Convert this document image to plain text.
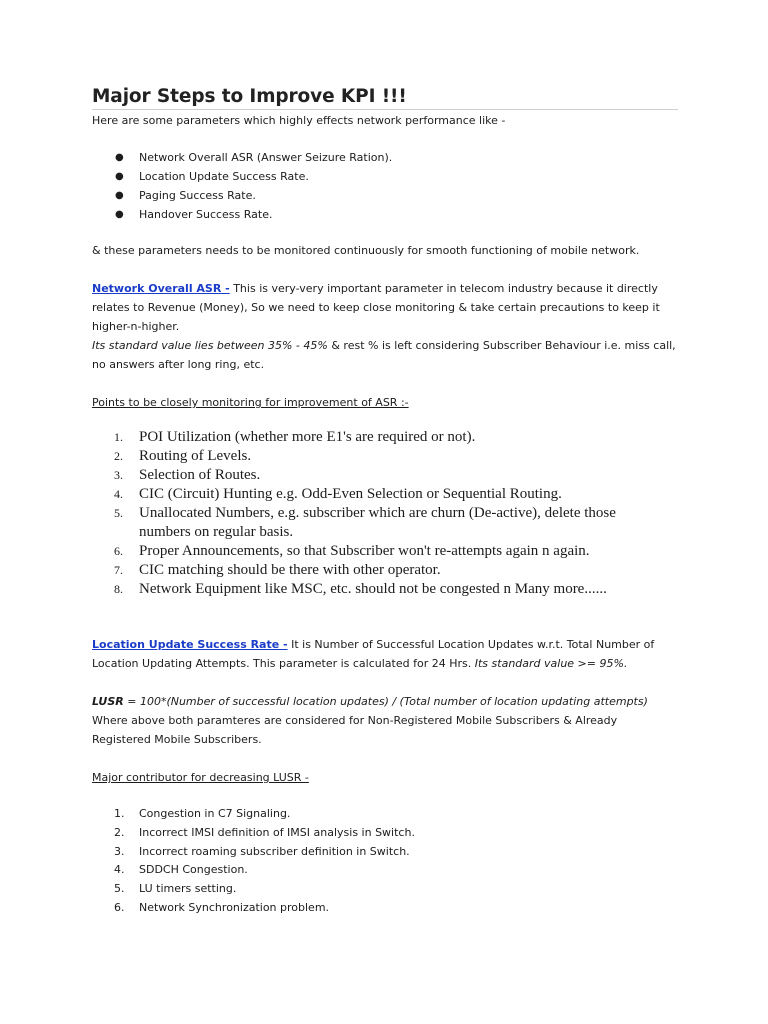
Major Steps to Improve KPI !!!
Here are some parameters which highly effects network performance like -
● Network Overall ASR (Answer Seizure Ration).
● Location Update Success Rate.
● Paging Success Rate.
● Handover Success Rate.
& these parameters needs to be monitored continuously for smooth functioning of mobile network.
Network Overall ASR - This is very-very important parameter in telecom industry because it directly
relates to Revenue (Money), So we need to keep close monitoring & take certain precautions to keep it
higher-n-higher.
Its standard value lies between 35% - 45% & rest % is left considering Subscriber Behaviour i.e. miss call,
no answers after long ring, etc.
Points to be closely monitoring for improvement of ASR :-
1. POI Utilization (whether more E1's are required or not).
2. Routing of Levels.
3. Selection of Routes.
4. CIC (Circuit) Hunting e.g. Odd-Even Selection or Sequential Routing.
5. Unallocated Numbers, e.g. subscriber which are churn (De-active), delete those
numbers on regular basis.
6. Proper Announcements, so that Subscriber won't re-attempts again n again.
7. CIC matching should be there with other operator.
8. Network Equipment like MSC, etc. should not be congested n Many more......
Location Update Success Rate - It is Number of Successful Location Updates w.r.t. Total Number of
Location Updating Attempts. This parameter is calculated for 24 Hrs. Its standard value >= 95%.
LUSR = 100*(Number of successful location updates) / (Total number of location updating attempts)
Where above both paramteres are considered for Non-Registered Mobile Subscribers & Already
Registered Mobile Subscribers.
Major contributor for decreasing LUSR -
1. Congestion in C7 Signaling.
2. Incorrect IMSI definition of IMSI analysis in Switch.
3. Incorrect roaming subscriber definition in Switch.
4. SDDCH Congestion.
5. LU timers setting.
6. Network Synchronization problem.
